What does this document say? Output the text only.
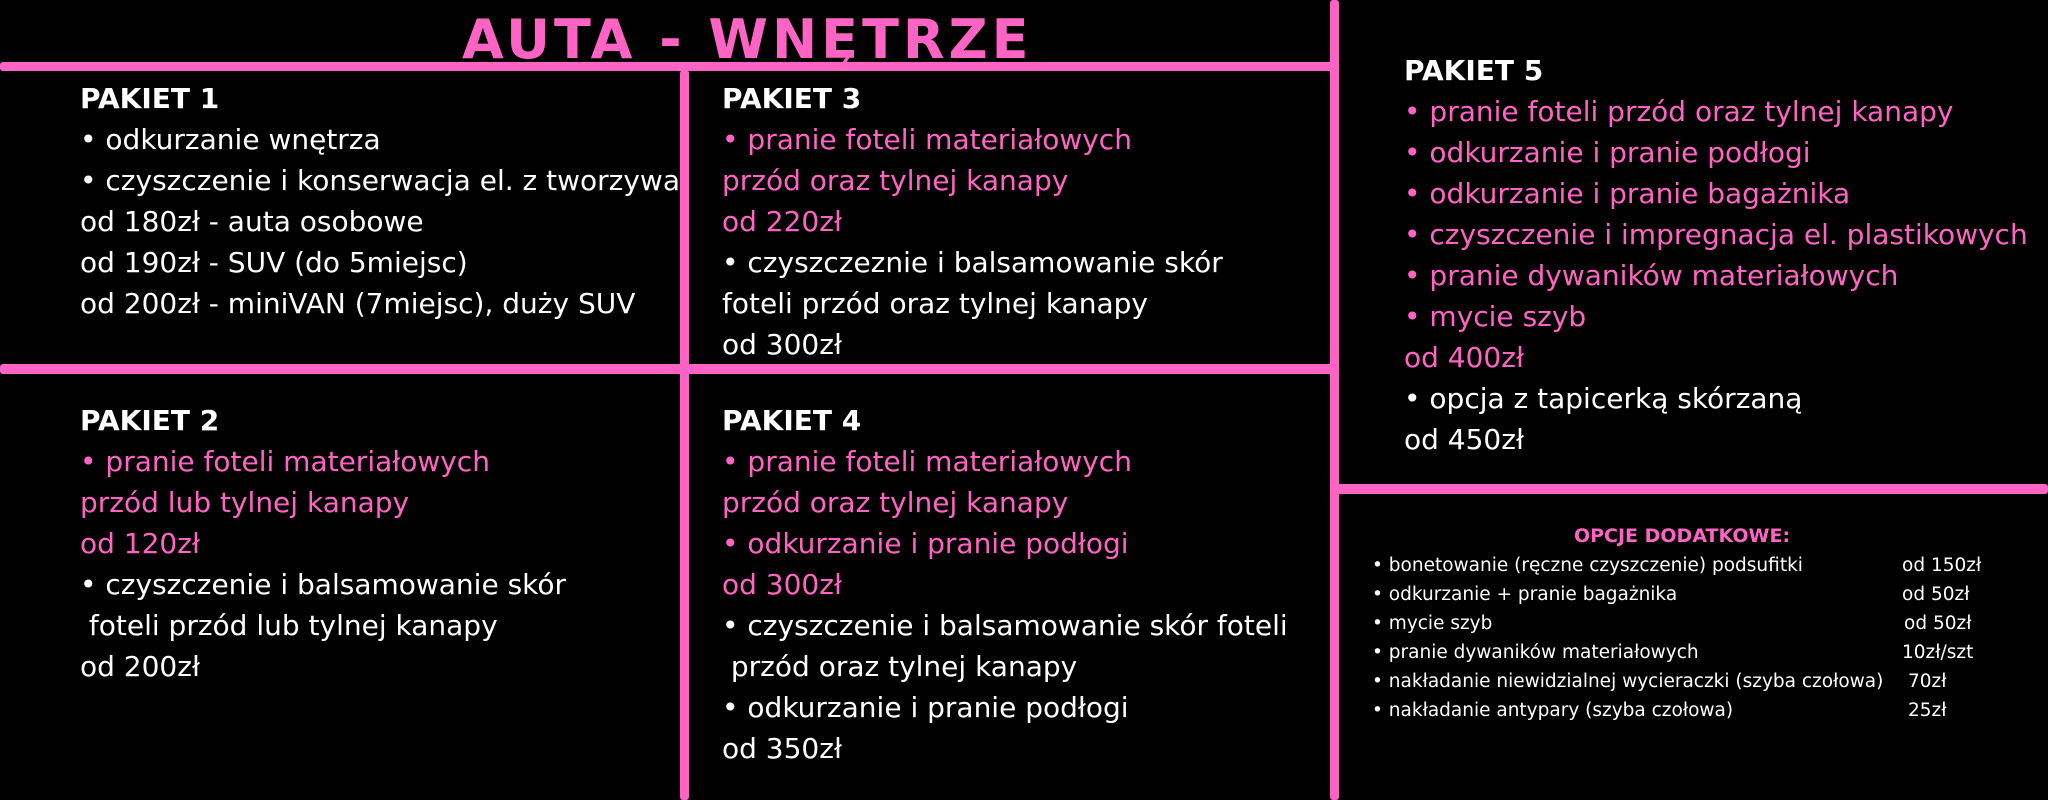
AUTA - WNĘTRZE
PAKIET 1
• odkurzanie wnętrza
• czyszczenie i konserwacja el. z tworzywa
od 180zł - auta osobowe
od 190zł - SUV (do 5miejsc)
od 200zł - miniVAN (7miejsc), duży SUV
PAKIET 2
• pranie foteli materiałowych
przód lub tylnej kanapy
od 120zł
• czyszczenie i balsamowanie skór
foteli przód lub tylnej kanapy
od 200zł
PAKIET 3
• pranie foteli materiałowych
przód oraz tylnej kanapy
od 220zł
• czyszczeznie i balsamowanie skór
foteli przód oraz tylnej kanapy
od 300zł
PAKIET 4
• pranie foteli materiałowych
przód oraz tylnej kanapy
• odkurzanie i pranie podłogi
od 300zł
• czyszczenie i balsamowanie skór foteli
przód oraz tylnej kanapy
• odkurzanie i pranie podłogi
od 350zł
PAKIET 5
• pranie foteli przód oraz tylnej kanapy
• odkurzanie i pranie podłogi
• odkurzanie i pranie bagażnika
• czyszczenie i impregnacja el. plastikowych
• pranie dywaników materiałowych
• mycie szyb
od 400zł
• opcja z tapicerką skórzaną
od 450zł
OPCJE DODATKOWE:
• bonetowanie (ręczne czyszczenie) podsufitki	od 150zł
• odkurzanie + pranie bagażnika	od 50zł
• mycie szyb	od 50zł
• pranie dywaników materiałowych	10zł/szt
• nakładanie niewidzialnej wycieraczki (szyba czołowa) 70zł
• nakładanie antypary (szyba czołowa)	25zł
